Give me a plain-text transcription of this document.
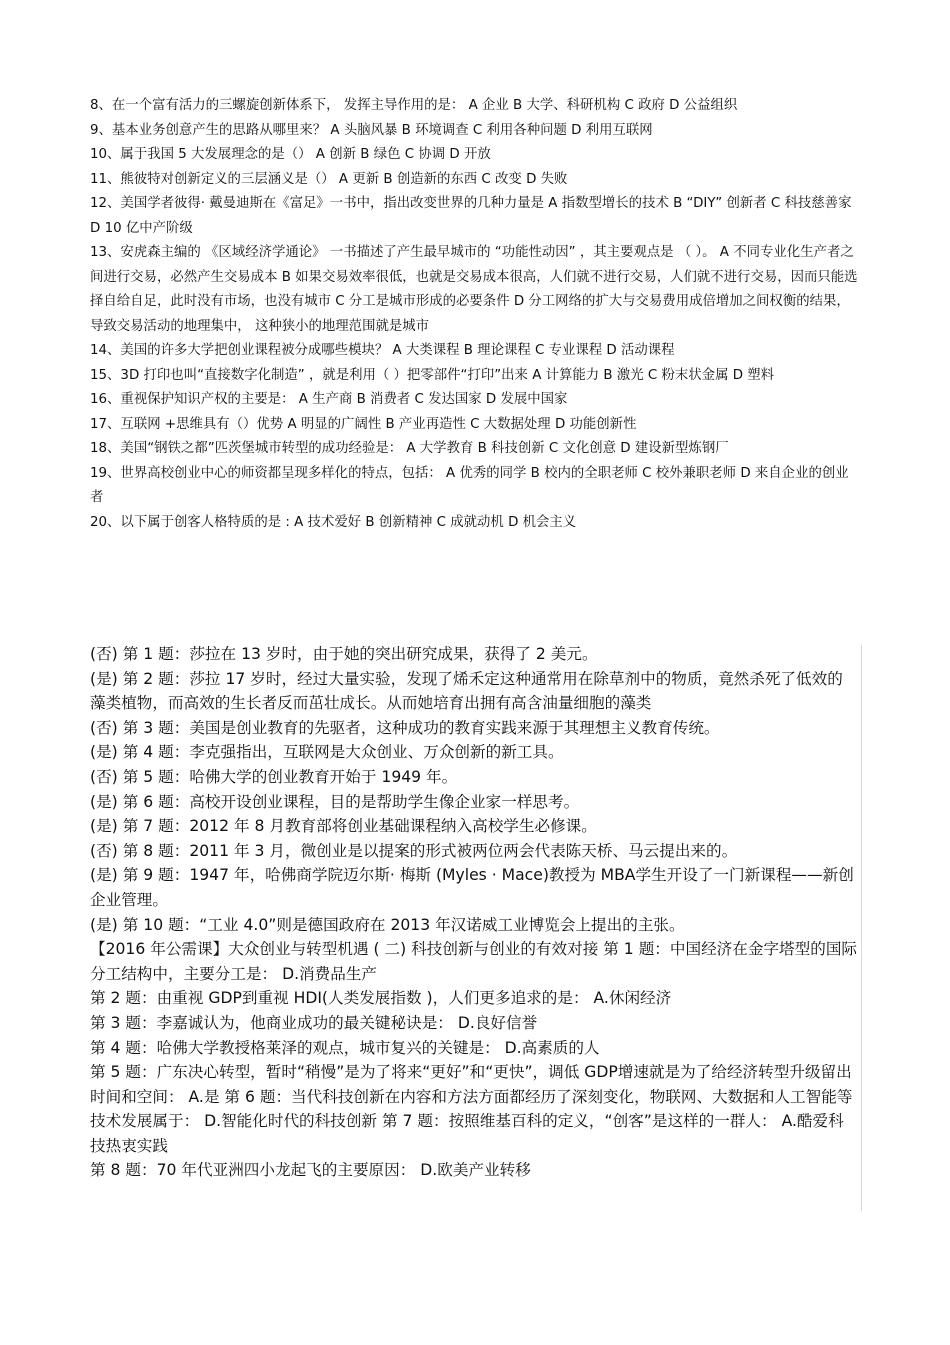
8、在一个富有活力的三螺旋创新体系下， 发挥主导作用的是： A 企业 B 大学、科研机构 C 政府 D 公益组织

9、基本业务创意产生的思路从哪里来？ A 头脑风暴 B 环境调查 C 利用各种问题 D 利用互联网

10、属于我国 5 大发展理念的是（） A 创新 B 绿色 C 协调 D 开放

11、熊彼特对创新定义的三层涵义是（） A 更新 B 创造新的东西 C 改变 D 失败

12、美国学者彼得· 戴曼迪斯在《富足》一书中，指出改变世界的几种力量是 A 指数型增长的技术 B “DIY” 创新者 C 科技慈善家 D 10 亿中产阶级

13、安虎森主编的 《区域经济学通论》 一书描述了产生最早城市的 “功能性动因” ，其主要观点是 （ ）。 A 不同专业化生产者之间进行交易，必然产生交易成本 B 如果交易效率很低，也就是交易成本很高，人们就不进行交易，人们就不进行交易，因而只能选择自给自足，此时没有市场，也没有城市 C 分工是城市形成的必要条件 D 分工网络的扩大与交易费用成倍增加之间权衡的结果， 导致交易活动的地理集中， 这种狭小的地理范围就是城市

14、美国的许多大学把创业课程被分成哪些模块？ A 大类课程 B 理论课程 C 专业课程 D 活动课程

15、3D 打印也叫“直接数字化制造” ，就是利用（ ）把零部件“打印”出来 A 计算能力 B 激光 C 粉末状金属 D 塑料

16、重视保护知识产权的主要是： A 生产商 B 消费者 C 发达国家 D 发展中国家

17、互联网 +思维具有（）优势 A 明显的广阔性 B 产业再造性 C 大数据处理 D 功能创新性

18、美国“钢铁之都”匹茨堡城市转型的成功经验是： A 大学教育 B 科技创新 C 文化创意 D 建设新型炼钢厂

19、世界高校创业中心的师资都呈现多样化的特点，包括： A 优秀的同学 B 校内的全职老师 C 校外兼职老师 D 来自企业的创业者

20、以下属于创客人格特质的是 : A 技术爱好 B 创新精神 C 成就动机 D 机会主义

(否) 第 1 题：莎拉在 13 岁时，由于她的突出研究成果，获得了 2 美元。

(是) 第 2 题：莎拉 17 岁时，经过大量实验，发现了烯禾定这种通常用在除草剂中的物质，竟然杀死了低效的藻类植物，而高效的生长者反而茁壮成长。从而她培育出拥有高含油量细胞的藻类

(否) 第 3 题：美国是创业教育的先驱者，这种成功的教育实践来源于其理想主义教育传统。

(是) 第 4 题：李克强指出，互联网是大众创业、万众创新的新工具。

(否) 第 5 题：哈佛大学的创业教育开始于 1949 年。

(是) 第 6 题：高校开设创业课程，目的是帮助学生像企业家一样思考。

(是) 第 7 题：2012 年 8 月教育部将创业基础课程纳入高校学生必修课。

(否) 第 8 题：2011 年 3 月，微创业是以提案的形式被两位两会代表陈天桥、马云提出来的。

(是) 第 9 题：1947 年，哈佛商学院迈尔斯· 梅斯 (Myles · Mace)教授为 MBA学生开设了一门新课程——新创企业管理。

(是) 第 10 题：“工业 4.0”则是德国政府在 2013 年汉诺威工业博览会上提出的主张。

【2016 年公需课】大众创业与转型机遇 ( 二) 科技创新与创业的有效对接 第 1 题：中国经济在金字塔型的国际分工结构中，主要分工是： D.消费品生产

第 2 题：由重视 GDP到重视 HDI(人类发展指数 )，人们更多追求的是： A.休闲经济

第 3 题：李嘉诚认为，他商业成功的最关键秘诀是： D.良好信誉

第 4 题：哈佛大学教授格莱泽的观点，城市复兴的关键是： D.高素质的人

第 5 题：广东决心转型，暂时“稍慢”是为了将来“更好”和“更快”，调低 GDP增速就是为了给经济转型升级留出时间和空间： A.是 第 6 题：当代科技创新在内容和方法方面都经历了深刻变化，物联网、大数据和人工智能等技术发展属于： D.智能化时代的科技创新 第 7 题：按照维基百科的定义，“创客”是这样的一群人： A.酷爱科技热衷实践

第 8 题：70 年代亚洲四小龙起飞的主要原因： D.欧美产业转移
